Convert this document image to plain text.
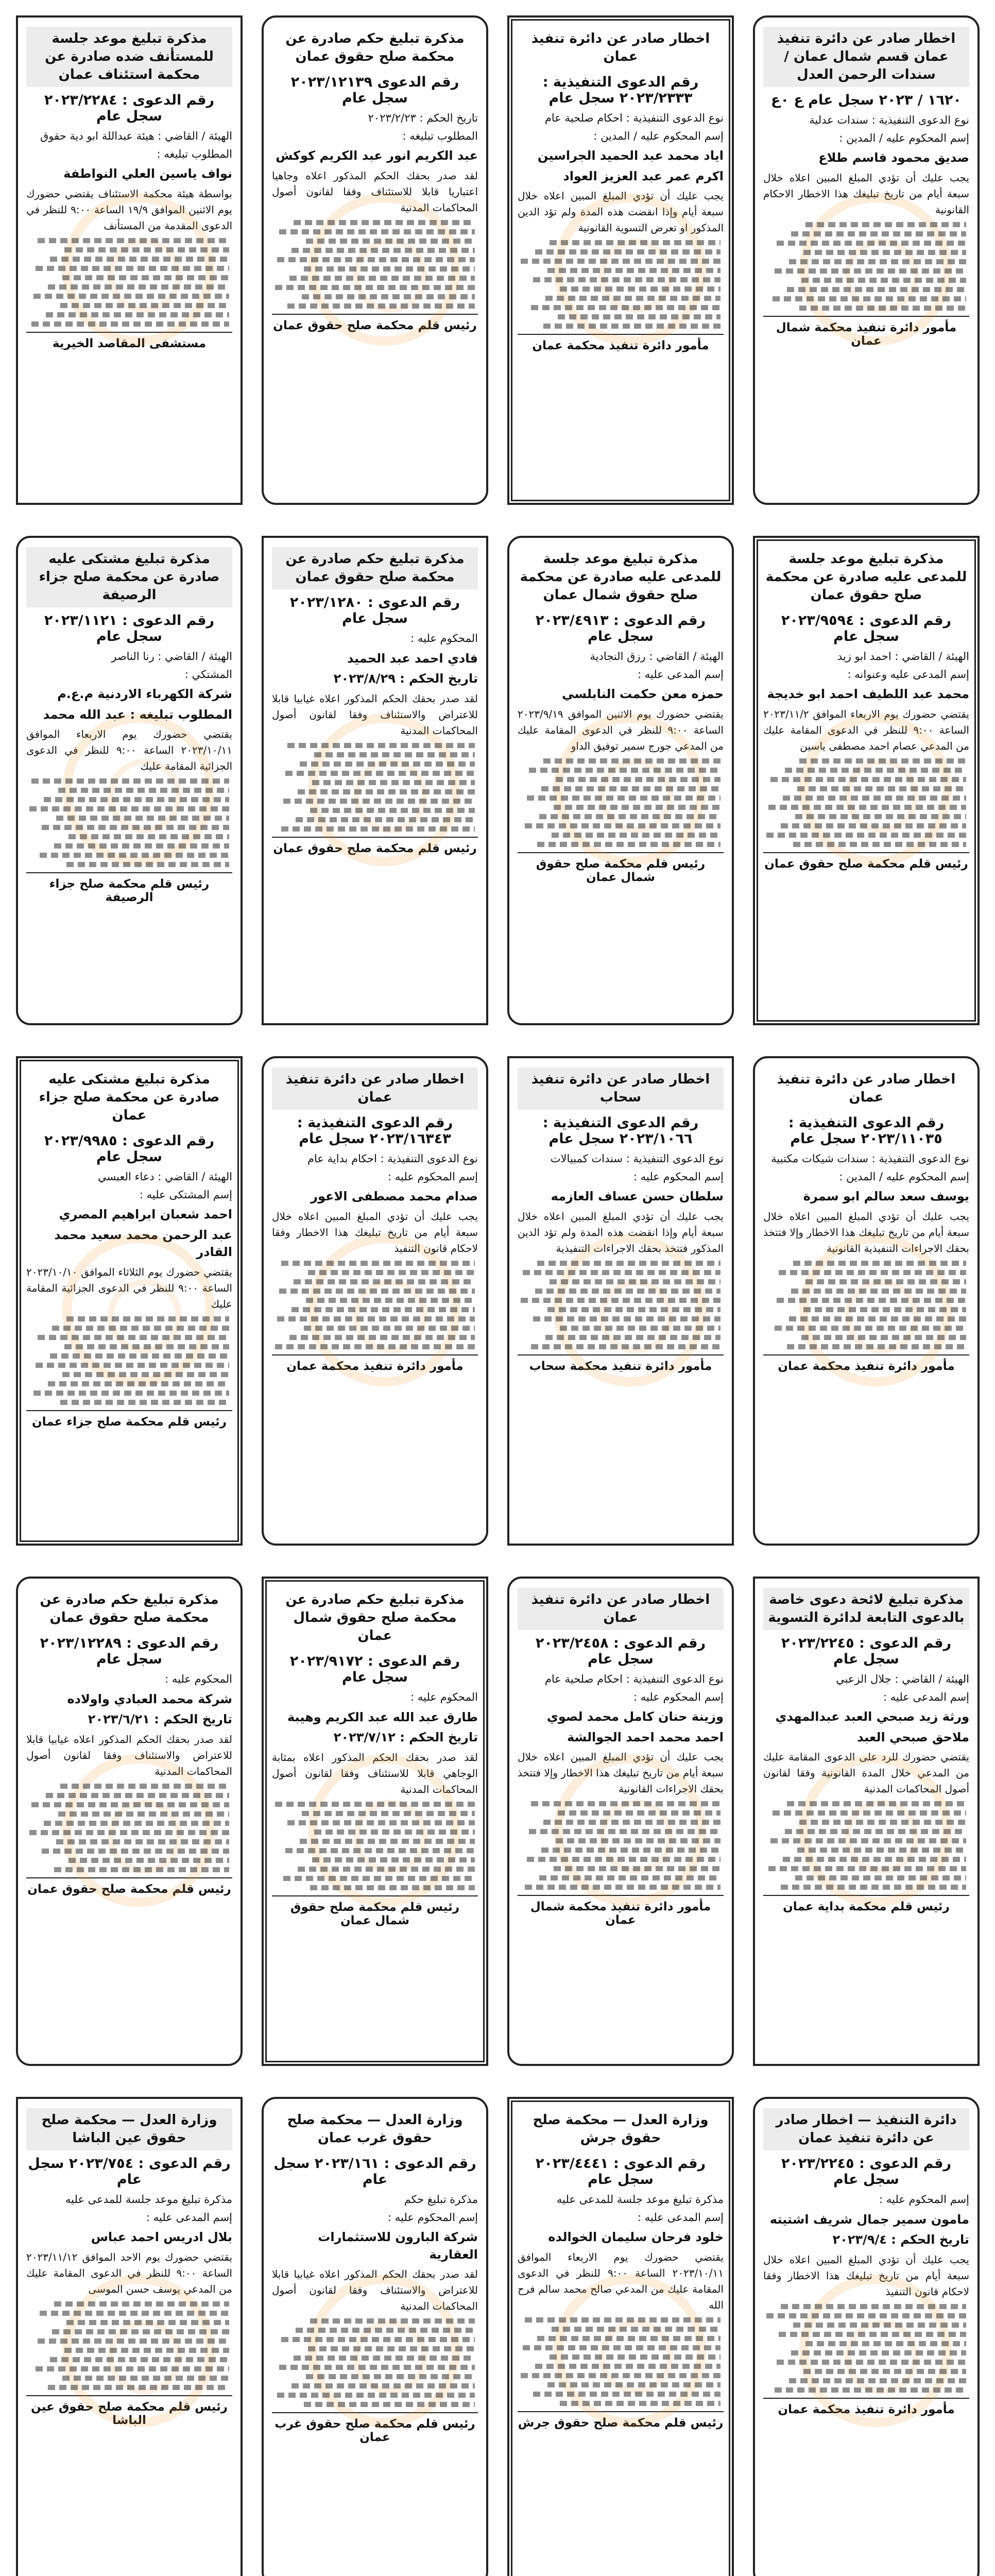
اخطار صادر عن دائرة تنفيذ عمان قسم شمال عمان / سندات الرحمن العدل
١٦٢٠ / ٢٠٢٣ سجل عام ع ٠ع
نوع الدعوى التنفيذية : سندات عدلية
إسم المحكوم عليه / المدين :
صديق محمود قاسم طلاع
يجب عليك أن تؤدي المبلغ المبين اعلاه خلال سبعة أيام من تاريخ تبليغك هذا الاخطار الاحكام القانونية
مأمور دائرة تنفيذ محكمة شمال عمان
اخطار صادر عن دائرة تنفيذ عمان
رقم الدعوى التنفيذية : ٢٠٢٣/٢٣٣٣ سجل عام
نوع الدعوى التنفيذية : احكام صلحية عام
إسم المحكوم عليه / المدين :
اياد محمد عبد الحميد الجراسين
اكرم عمر عبد العزيز العواد
يجب عليك أن تؤدي المبلغ المبين اعلاه خلال سبعة أيام وإذا انقضت هذه المدة ولم تؤد الدين المذكور او تعرض التسوية القانونية
مأمور دائرة تنفيذ محكمة عمان
مذكرة تبليغ حكم صادرة عن محكمة صلح حقوق عمان
رقم الدعوى ٢٠٢٣/١٢١٣٩ سجل عام
تاريخ الحكم : ٢٠٢٣/٢/٢٣
المطلوب تبليغه :
عبد الكريم انور عبد الكريم كوكش
لقد صدر بحقك الحكم المذكور اعلاه وجاهيا اعتباريا قابلا للاستئناف وفقا لقانون أصول المحاكمات المدنية
رئيس قلم محكمة صلح حقوق عمان
مذكرة تبليغ موعد جلسة للمستأنف ضده صادرة عن محكمة استئناف عمان
رقم الدعوى : ٢٠٢٣/٢٢٨٤ سجل عام
الهيئة / القاضي : هيئة عبداللة ابو دية حقوق
المطلوب تبليغه :
نواف ياسين العلي النواطفة
بواسطة هيئة محكمة الاستئناف يقتضي حضورك يوم الاثنين الموافق ١٩/٩ الساعة ٩:٠٠ للنظر في الدعوى المقدمة من المستأنف
مستشفى المقاصد الخيرية
مذكرة تبليغ موعد جلسة للمدعى عليه صادرة عن محكمة صلح حقوق عمان
رقم الدعوى : ٢٠٢٣/٩٥٩٤ سجل عام
الهيئة / القاضي : احمد ابو زيد
إسم المدعى عليه وعنوانه :
محمد عبد اللطيف احمد ابو خديجة
يقتضي حضورك يوم الاربعاء الموافق ٢٠٢٣/١١/٢ الساعة ٩:٠٠ للنظر في الدعوى المقامة عليك من المدعي عصام احمد مصطفى ياسين
رئيس قلم محكمة صلح حقوق عمان
مذكرة تبليغ موعد جلسة للمدعى عليه صادرة عن محكمة صلح حقوق شمال عمان
رقم الدعوى : ٢٠٢٣/٤٩١٣ سجل عام
الهيئة / القاضي : رزق النجادية
إسم المدعى عليه :
حمزه معن حكمت النابلسي
يقتضي حضورك يوم الاثنين الموافق ٢٠٢٣/٩/١٩ الساعة ٩:٠٠ للنظر في الدعوى المقامة عليك من المدعي جورج سمير توفيق الداو
رئيس قلم محكمة صلح حقوق شمال عمان
مذكرة تبليغ حكم صادرة عن محكمة صلح حقوق عمان
رقم الدعوى : ٢٠٢٣/١٢٨٠ سجل عام
المحكوم عليه :
فادي احمد عبد الحميد
تاريخ الحكم : ٢٠٢٣/٨/٢٩
لقد صدر بحقك الحكم المذكور اعلاه غيابيا قابلا للاعتراض والاستئناف وفقا لقانون أصول المحاكمات المدنية
رئيس قلم محكمة صلح حقوق عمان
مذكرة تبليغ مشتكى عليه صادرة عن محكمة صلح جزاء الرصيفة
رقم الدعوى : ٢٠٢٣/١١٢١ سجل عام
الهيئة / القاضي : رنا الناصر
المشتكي :
شركة الكهرباء الاردنية م.ع.م
المطلوب تبليغه : عبد الله محمد
يقتضي حضورك يوم الاربعاء الموافق ٢٠٢٣/١٠/١١ الساعة ٩:٠٠ للنظر في الدعوى الجزائية المقامة عليك
رئيس قلم محكمة صلح جزاء الرصيفة
اخطار صادر عن دائرة تنفيذ عمان
رقم الدعوى التنفيذية : ٢٠٢٣/١١٠٣٥ سجل عام
نوع الدعوى التنفيذية : سندات شيكات مكتبية
إسم المحكوم عليه / المدين :
يوسف سعد سالم ابو سمرة
يجب عليك أن تؤدي المبلغ المبين اعلاه خلال سبعة أيام من تاريخ تبليغك هذا الاخطار وإلا فتتخذ بحقك الاجراءات التنفيذية القانونية
مأمور دائرة تنفيذ محكمة عمان
اخطار صادر عن دائرة تنفيذ سحاب
رقم الدعوى التنفيذية : ٢٠٢٣/١٠٦٦ سجل عام
نوع الدعوى التنفيذية : سندات كمبيالات
إسم المحكوم عليه :
سلطان حسن عساف العازمه
يجب عليك أن تؤدي المبلغ المبين اعلاه خلال سبعة أيام وإذا انقضت هذه المدة ولم تؤد الدين المذكور فتتخذ بحقك الاجراءات التنفيذية
مأمور دائرة تنفيذ محكمة سحاب
اخطار صادر عن دائرة تنفيذ عمان
رقم الدعوى التنفيذية : ٢٠٢٣/١٦٣٤٣ سجل عام
نوع الدعوى التنفيذية : احكام بداية عام
إسم المحكوم عليه :
صدام محمد مصطفى الاعور
يجب عليك أن تؤدي المبلغ المبين اعلاه خلال سبعة أيام من تاريخ تبليغك هذا الاخطار وفقا لاحكام قانون التنفيذ
مأمور دائرة تنفيذ محكمة عمان
مذكرة تبليغ مشتكى عليه صادرة عن محكمة صلح جزاء عمان
رقم الدعوى : ٢٠٢٣/٩٩٨٥ سجل عام
الهيئة / القاضي : دعاء العبسي
إسم المشتكى عليه :
احمد شعبان ابراهيم المصري
عبد الرحمن محمد سعيد محمد القادر
يقتضي حضورك يوم الثلاثاء الموافق ٢٠٢٣/١٠/١٠ الساعة ٩:٠٠ للنظر في الدعوى الجزائية المقامة عليك
رئيس قلم محكمة صلح جزاء عمان
مذكرة تبليغ لائحة دعوى خاصة بالدعوى التابعة لدائرة التسوية
رقم الدعوى : ٢٠٢٣/٢٢٤٥ سجل عام
الهيئة / القاضي : جلال الزعبي
إسم المدعى عليه :
ورثة زيد صبحي العبد عبدالمهدي
ملاحق صبحي العبد
يقتضي حضورك للرد على الدعوى المقامة عليك من المدعي خلال المدة القانونية وفقا لقانون أصول المحاكمات المدنية
رئيس قلم محكمة بداية عمان
اخطار صادر عن دائرة تنفيذ عمان
رقم الدعوى : ٢٠٢٣/٢٤٥٨ سجل عام
نوع الدعوى التنفيذية : احكام صلحية عام
إسم المحكوم عليه :
وزينة حنان كامل محمد لصوي
احمد محمد احمد الجوالشة
يجب عليك أن تؤدي المبلغ المبين اعلاه خلال سبعة أيام من تاريخ تبليغك هذا الاخطار وإلا فتتخذ بحقك الاجراءات القانونية
مأمور دائرة تنفيذ محكمة شمال عمان
مذكرة تبليغ حكم صادرة عن محكمة صلح حقوق شمال عمان
رقم الدعوى : ٢٠٢٣/٩١٧٢ سجل عام
المحكوم عليه :
طارق عبد الله عبد الكريم وهيبة
تاريخ الحكم : ٢٠٢٣/٧/١٢
لقد صدر بحقك الحكم المذكور اعلاه بمثابة الوجاهي قابلا للاستئناف وفقا لقانون أصول المحاكمات المدنية
رئيس قلم محكمة صلح حقوق شمال عمان
مذكرة تبليغ حكم صادرة عن محكمة صلح حقوق عمان
رقم الدعوى : ٢٠٢٣/١٢٢٨٩ سجل عام
المحكوم عليه :
شركة محمد العبادي واولاده
تاريخ الحكم : ٢٠٢٣/٦/٢١
لقد صدر بحقك الحكم المذكور اعلاه غيابيا قابلا للاعتراض والاستئناف وفقا لقانون أصول المحاكمات المدنية
رئيس قلم محكمة صلح حقوق عمان
دائرة التنفيذ — اخطار صادر عن دائرة تنفيذ عمان
رقم الدعوى : ٢٠٢٣/٢٢٤٥ سجل عام
إسم المحكوم عليه :
مامون سمير جمال شريف اشتيته
تاريخ الحكم : ٢٠٢٣/٩/٤
يجب عليك أن تؤدي المبلغ المبين اعلاه خلال سبعة أيام من تاريخ تبليغك هذا الاخطار وفقا لاحكام قانون التنفيذ
مأمور دائرة تنفيذ محكمة عمان
وزارة العدل — محكمة صلح حقوق جرش
رقم الدعوى : ٢٠٢٣/٤٤٤١ سجل عام
مذكرة تبليغ موعد جلسة للمدعى عليه
إسم المدعى عليه :
خلود فرحان سليمان الخوالده
يقتضي حضورك يوم الاربعاء الموافق ٢٠٢٣/١٠/١١ الساعة ٩:٠٠ للنظر في الدعوى المقامة عليك من المدعي صالح محمد سالم فرح الله
رئيس قلم محكمة صلح حقوق جرش
وزارة العدل — محكمة صلح حقوق غرب عمان
رقم الدعوى : ٢٠٢٣/١٦١ سجل عام
مذكرة تبليغ حكم
إسم المحكوم عليه :
شركة البارون للاستثمارات العقارية
لقد صدر بحقك الحكم المذكور اعلاه غيابيا قابلا للاعتراض والاستئناف وفقا لقانون أصول المحاكمات المدنية
رئيس قلم محكمة صلح حقوق غرب عمان
وزارة العدل — محكمة صلح حقوق عين الباشا
رقم الدعوى : ٢٠٢٣/٧٥٤ سجل عام
مذكرة تبليغ موعد جلسة للمدعى عليه
إسم المدعى عليه :
بلال ادريس احمد عباس
يقتضي حضورك يوم الاحد الموافق ٢٠٢٣/١١/١٢ الساعة ٩:٠٠ للنظر في الدعوى المقامة عليك من المدعي يوسف حسن الموسى
رئيس قلم محكمة صلح حقوق عين الباشا
